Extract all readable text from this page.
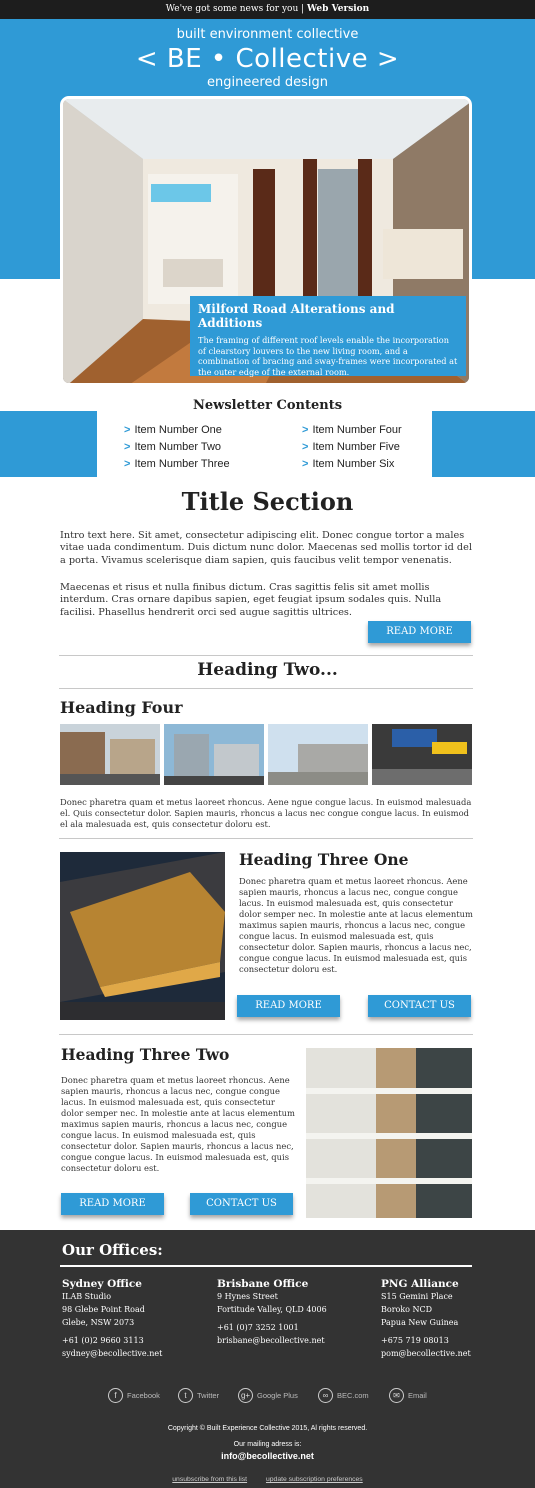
We've got some news for you | Web Version
built environment collective
< BE • Collective >
engineered design
Milford Road Alterations and Additions

The framing of different roof levels enable the incorporation of clearstory louvers to the new living room, and a combination of bracing and sway-frames were incorporated at the outer edge of the external room.

Newsletter Contents
> Item Number One
> Item Number Two
> Item Number Three
> Item Number Four
> Item Number Five
> Item Number Six
Title Section
Intro text here. Sit amet, consectetur adipiscing elit. Donec congue tortor a males vitae uada condimentum. Duis dictum nunc dolor. Maecenas sed mollis tortor id del a porta. Vivamus scelerisque diam sapien, quis faucibus velit tempor venenatis.
Maecenas et risus et nulla finibus dictum. Cras sagittis felis sit amet mollis interdum. Cras ornare dapibus sapien, eget feugiat ipsum sodales quis. Nulla facilisi. Phasellus hendrerit orci sed augue sagittis ultrices.
READ MORE
Heading Two...
Heading Four
Donec pharetra quam et metus laoreet rhoncus. Aene ngue congue lacus. In euismod malesuada el. Quis consectetur dolor. Sapien mauris, rhoncus a lacus nec congue congue lacus. In euismod el ala malesuada est, quis consectetur doloru est.
Heading Three One
Donec pharetra quam et metus laoreet rhoncus. Aene sapien mauris, rhoncus a lacus nec, congue congue lacus. In euismod malesuada est, quis consectetur dolor semper nec. In molestie ante at lacus elementum maximus sapien mauris, rhoncus a lacus nec, congue congue lacus. In euismod malesuada est, quis consectetur dolor. Sapien mauris, rhoncus a lacus nec, congue congue lacus. In euismod malesuada est, quis consectetur doloru est.
READ MORE	CONTACT US
Heading Three Two
Donec pharetra quam et metus laoreet rhoncus. Aene sapien mauris, rhoncus a lacus nec, congue congue lacus. In euismod malesuada est, quis consectetur dolor semper nec. In molestie ante at lacus elementum maximus sapien mauris, rhoncus a lacus nec, congue congue lacus. In euismod malesuada est, quis consectetur dolor. Sapien mauris, rhoncus a lacus nec, congue congue lacus. In euismod malesuada est, quis consectetur doloru est.
READ MORE	CONTACT US
Our Offices:
Sydney Office
ILAB Studio
98 Glebe Point Road
Glebe, NSW 2073
+61 (0)2 9660 3113
sydney@becollective.net
Brisbane Office
9 Hynes Street
Fortitude Valley, QLD 4006
+61 (0)7 3252 1001
brisbane@becollective.net
PNG Alliance
S15 Gemini Place
Boroko NCD
Papua New Guinea
+675 719 08013
pom@becollective.net
f	Facebook	t	Twitter	g+ Google Plus	∞	BEC.com	✉	Email
Copyright © Built Experience Collective 2015, Al rights reserved.
Our mailing adress is:
info@becollective.net
unsubscribe from this list	update subscription preferences
